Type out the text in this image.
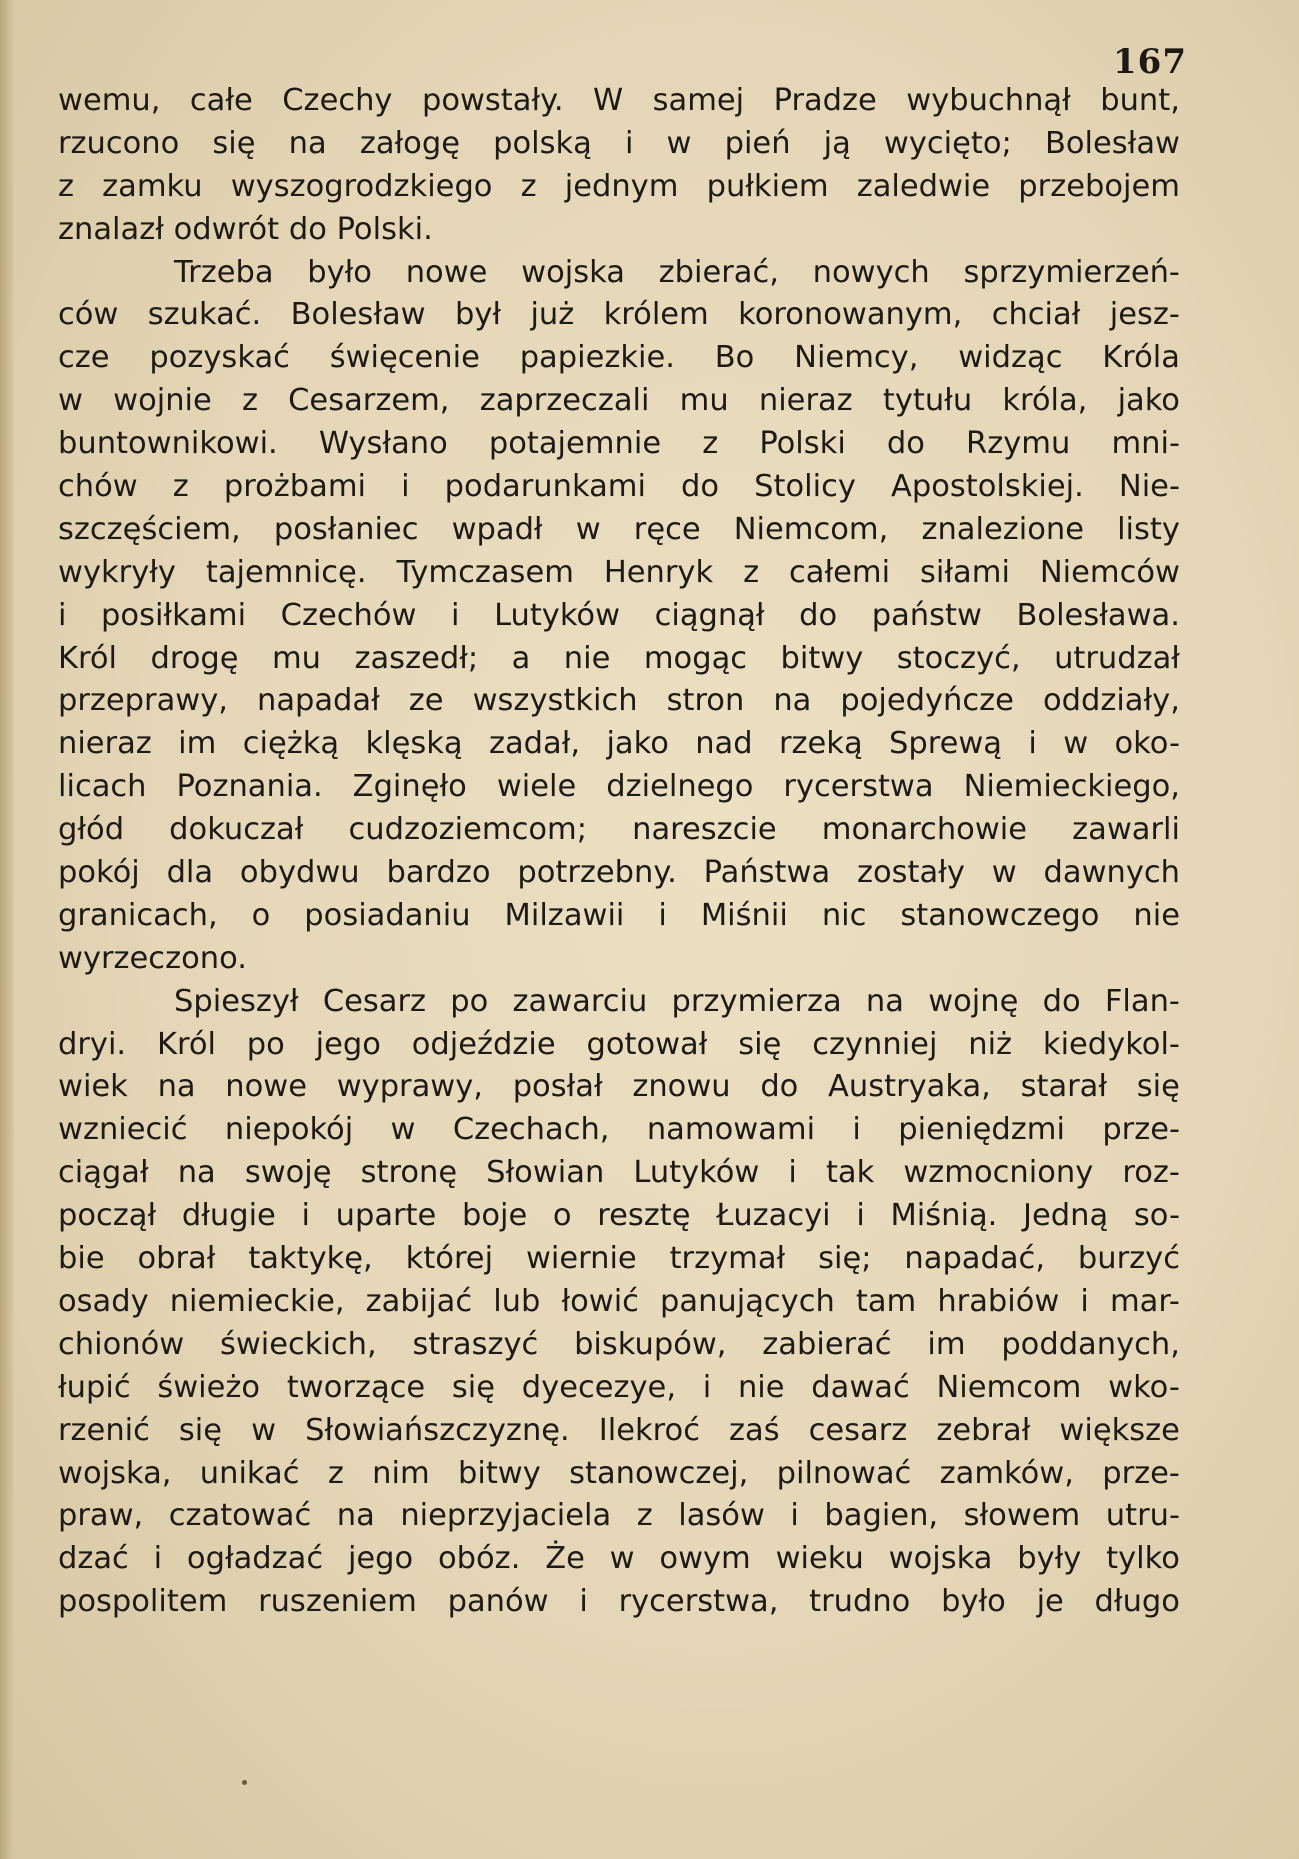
167
wemu, całe Czechy powstały. W samej Pradze wybuchnął bunt,
rzucono się na załogę polską i w pień ją wycięto; Bolesław
z zamku wyszogrodzkiego z jednym pułkiem zaledwie przebojem
znalazł odwrót do Polski.
Trzeba było nowe wojska zbierać, nowych sprzymierzeń-
ców szukać. Bolesław był już królem koronowanym, chciał jesz-
cze pozyskać święcenie papiezkie. Bo Niemcy, widząc Króla
w wojnie z Cesarzem, zaprzeczali mu nieraz tytułu króla, jako
buntownikowi. Wysłano potajemnie z Polski do Rzymu mni-
chów z prożbami i podarunkami do Stolicy Apostolskiej. Nie-
szczęściem, posłaniec wpadł w ręce Niemcom, znalezione listy
wykryły tajemnicę. Tymczasem Henryk z całemi siłami Niemców
i posiłkami Czechów i Lutyków ciągnął do państw Bolesława.
Król drogę mu zaszedł; a nie mogąc bitwy stoczyć, utrudzał
przeprawy, napadał ze wszystkich stron na pojedyńcze oddziały,
nieraz im ciężką klęską zadał, jako nad rzeką Sprewą i w oko-
licach Poznania. Zginęło wiele dzielnego rycerstwa Niemieckiego,
głód dokuczał cudzoziemcom; nareszcie monarchowie zawarli
pokój dla obydwu bardzo potrzebny. Państwa zostały w dawnych
granicach, o posiadaniu Milzawii i Miśnii nic stanowczego nie
wyrzeczono.
Spieszył Cesarz po zawarciu przymierza na wojnę do Flan-
dryi. Król po jego odjeździe gotował się czynniej niż kiedykol-
wiek na nowe wyprawy, posłał znowu do Austryaka, starał się
wzniecić niepokój w Czechach, namowami i pieniędzmi prze-
ciągał na swoję stronę Słowian Lutyków i tak wzmocniony roz-
począł długie i uparte boje o resztę Łuzacyi i Miśnią. Jedną so-
bie obrał taktykę, której wiernie trzymał się; napadać, burzyć
osady niemieckie, zabijać lub łowić panujących tam hrabiów i mar-
chionów świeckich, straszyć biskupów, zabierać im poddanych,
łupić świeżo tworzące się dyecezye, i nie dawać Niemcom wko-
rzenić się w Słowiańszczyznę. Ilekroć zaś cesarz zebrał większe
wojska, unikać z nim bitwy stanowczej, pilnować zamków, prze-
praw, czatować na nieprzyjaciela z lasów i bagien, słowem utru-
dzać i ogładzać jego obóz. Że w owym wieku wojska były tylko
pospolitem ruszeniem panów i rycerstwa, trudno było je długo
